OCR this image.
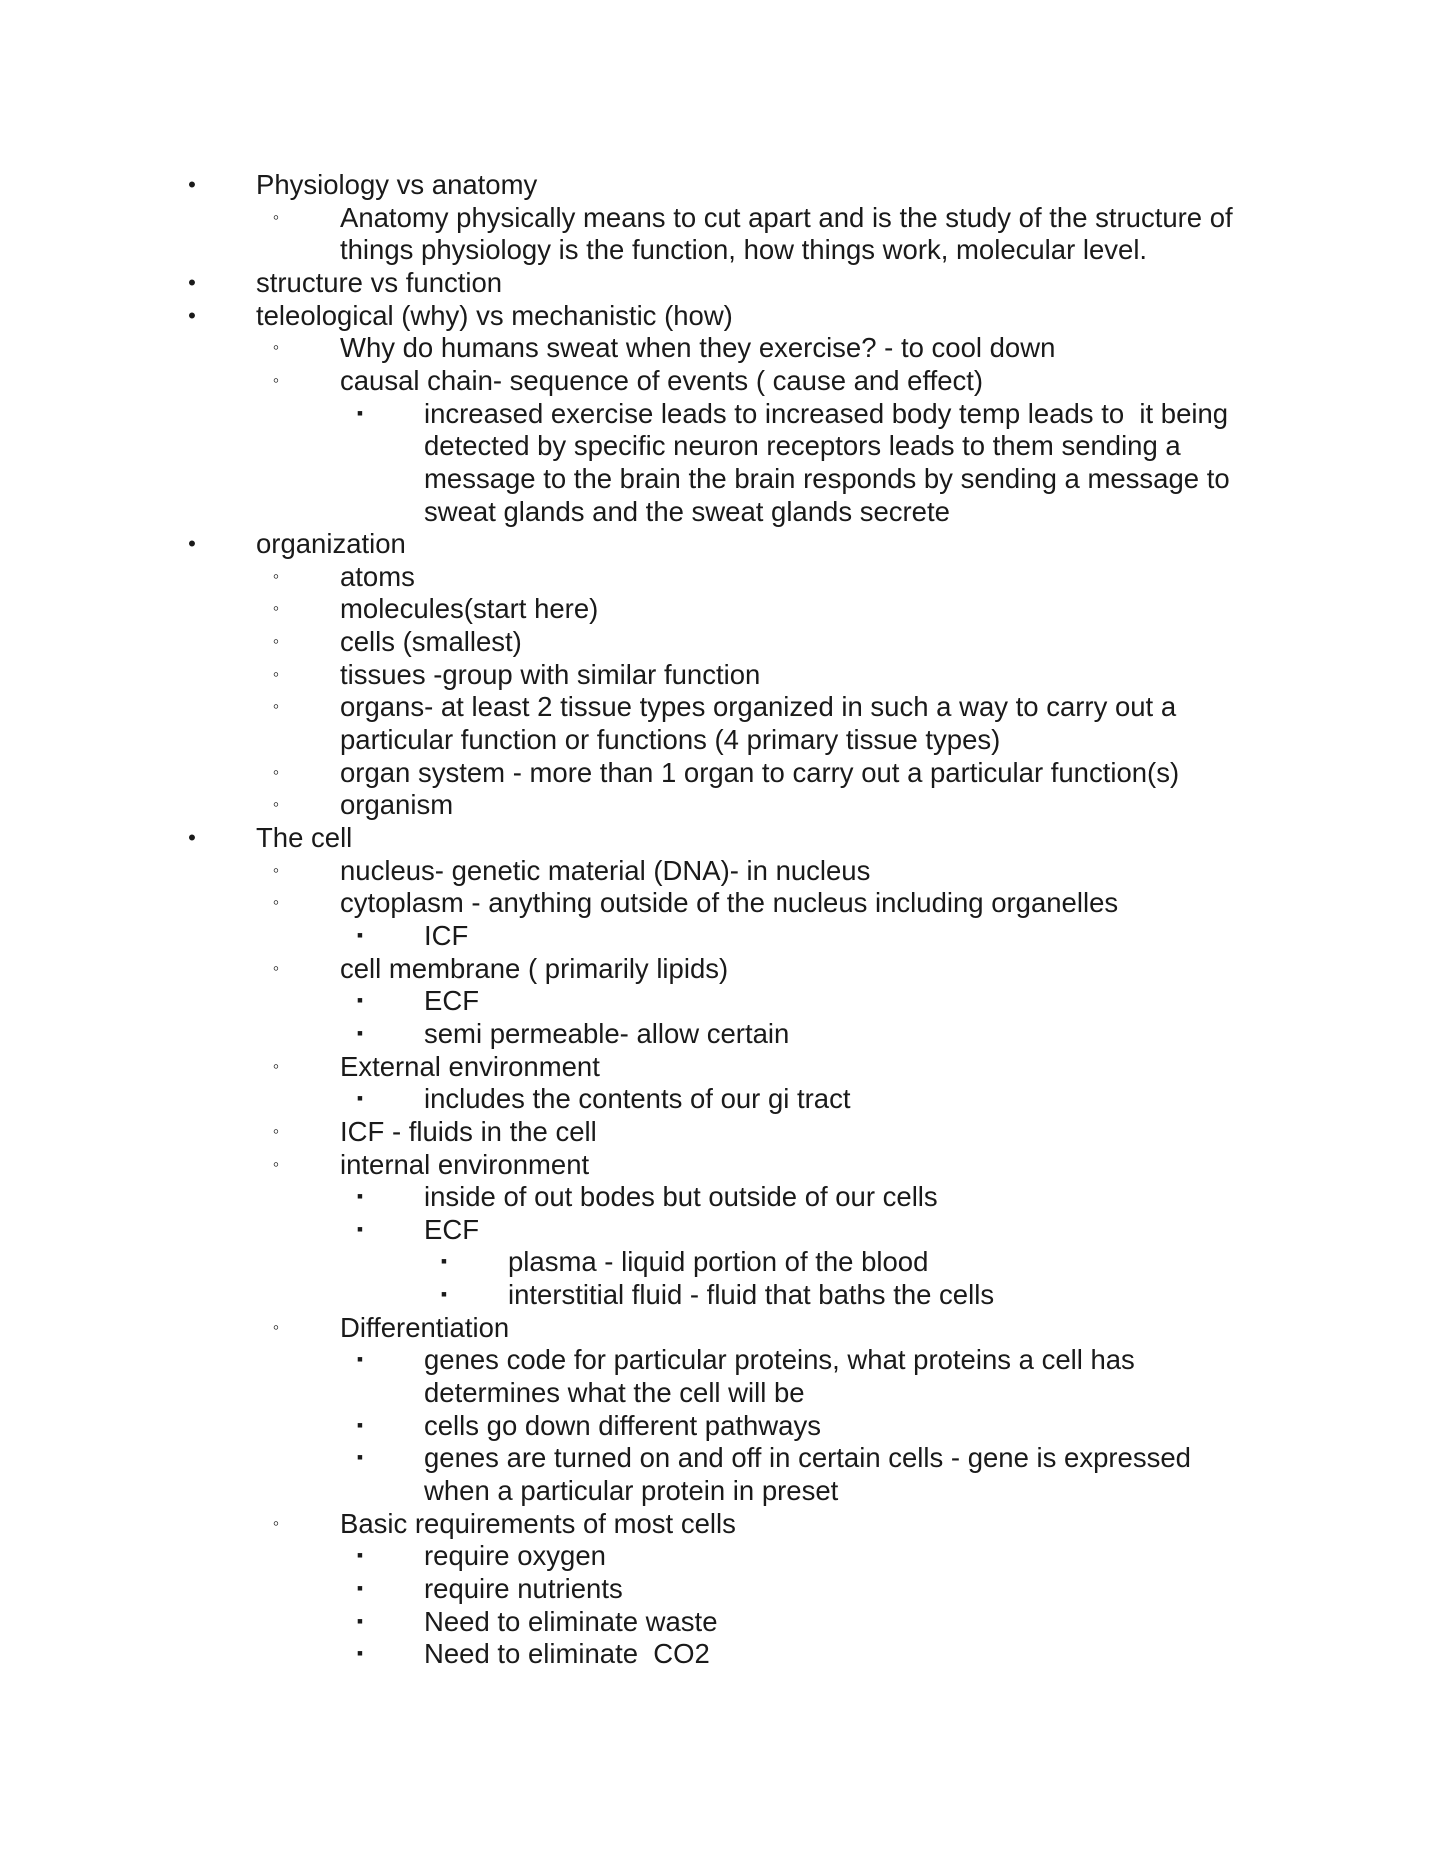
•	Physiology vs anatomy
◦	Anatomy physically means to cut apart and is the study of the structure of
things physiology is the function, how things work, molecular level.
•	structure vs function
•	teleological (why) vs mechanistic (how)
◦	Why do humans sweat when they exercise? - to cool down
◦	causal chain- sequence of events ( cause and effect)
▪	increased exercise leads to increased body temp leads to  it being
detected by specific neuron receptors leads to them sending a
message to the brain the brain responds by sending a message to
sweat glands and the sweat glands secrete
•	organization
◦	atoms
◦	molecules(start here)
◦	cells (smallest)
◦	tissues -group with similar function
◦	organs- at least 2 tissue types organized in such a way to carry out a
particular function or functions (4 primary tissue types)
◦	organ system - more than 1 organ to carry out a particular function(s)
◦	organism
•	The cell
◦	nucleus- genetic material (DNA)- in nucleus
◦	cytoplasm - anything outside of the nucleus including organelles
▪	ICF
◦	cell membrane ( primarily lipids)
▪	ECF
▪	semi permeable- allow certain
◦	External environment
▪	includes the contents of our gi tract
◦	ICF - fluids in the cell
◦	internal environment
▪	inside of out bodes but outside of our cells
▪	ECF
▪	plasma - liquid portion of the blood
▪	interstitial fluid - fluid that baths the cells
◦	Differentiation
▪	genes code for particular proteins, what proteins a cell has
determines what the cell will be
▪	cells go down different pathways
▪	genes are turned on and off in certain cells - gene is expressed
when a particular protein in preset
◦	Basic requirements of most cells
▪	require oxygen
▪	require nutrients
▪	Need to eliminate waste
▪	Need to eliminate  CO2
